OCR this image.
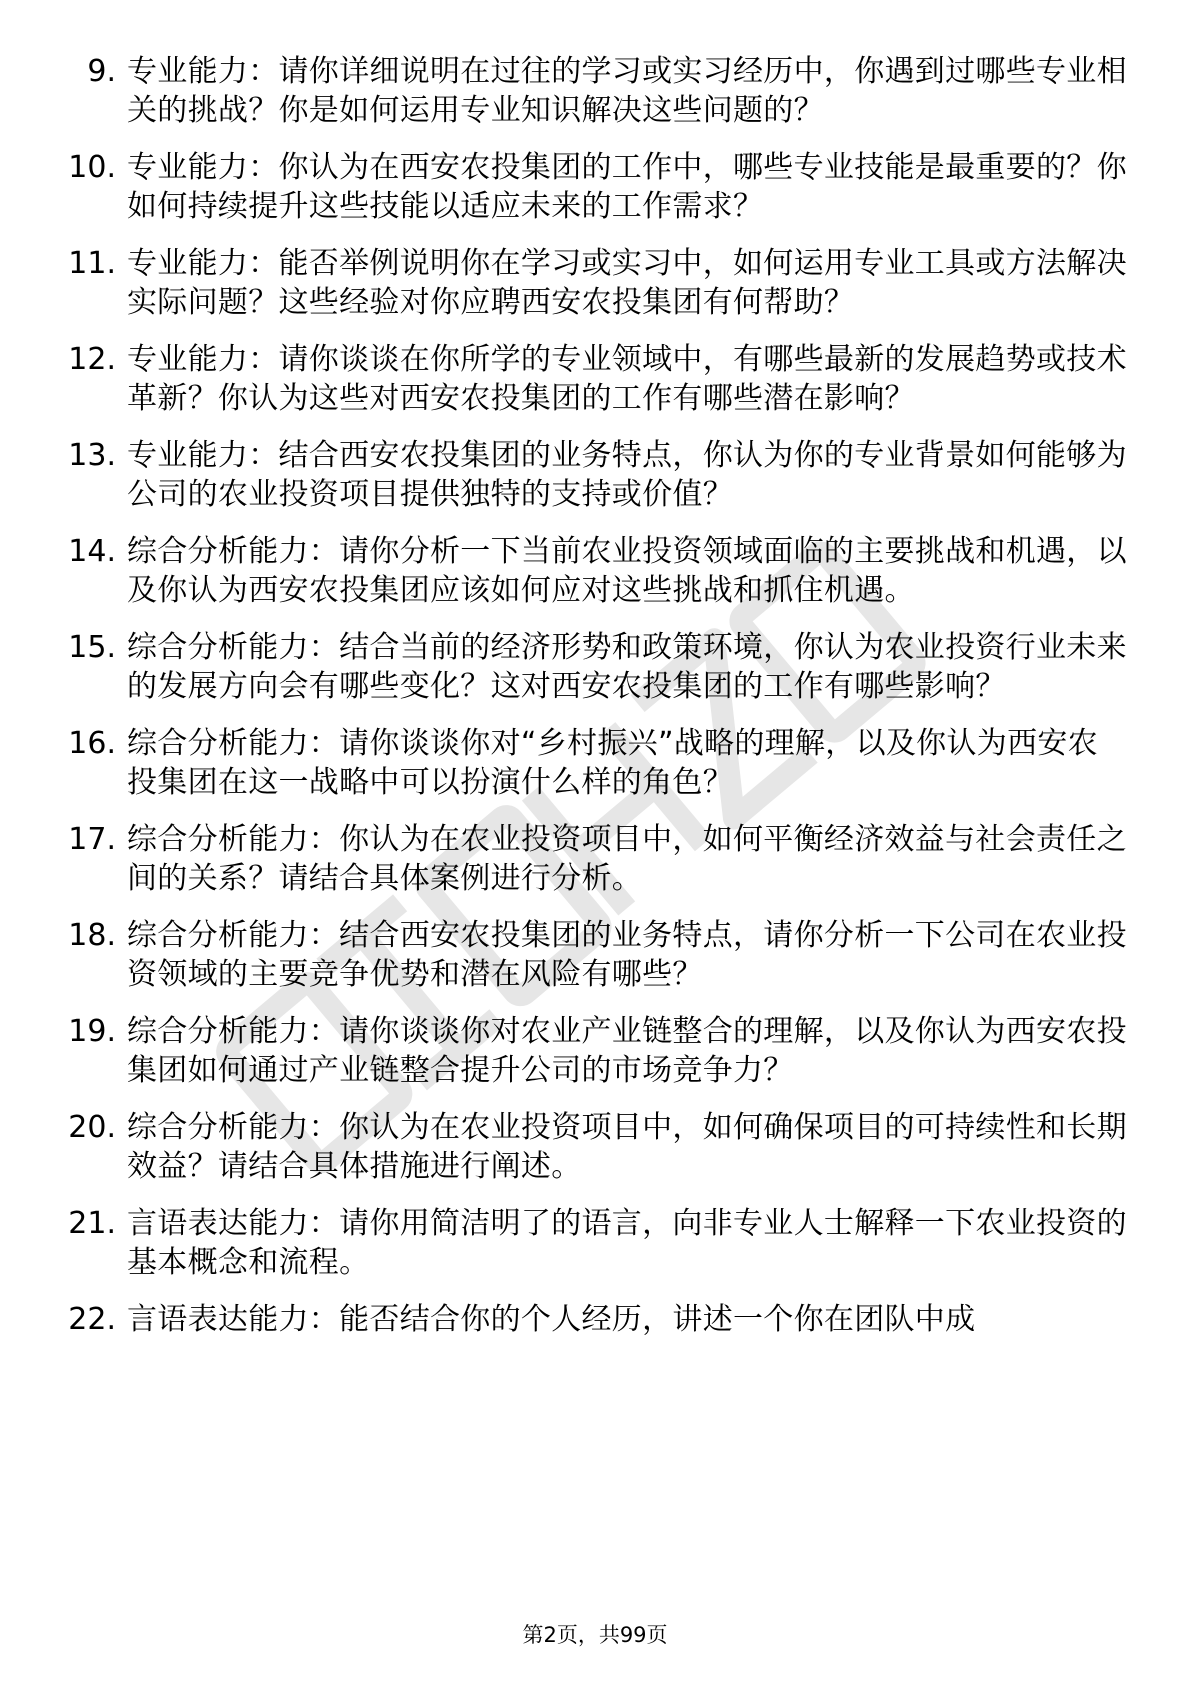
9. 专业能力：请你详细说明在过往的学习或实习经历中，你遇到过哪些专业相关的挑战？你是如何运用专业知识解决这些问题的？
10. 专业能力：你认为在西安农投集团的工作中，哪些专业技能是最重要的？你如何持续提升这些技能以适应未来的工作需求？
11. 专业能力：能否举例说明你在学习或实习中，如何运用专业工具或方法解决实际问题？这些经验对你应聘西安农投集团有何帮助？
12. 专业能力：请你谈谈在你所学的专业领域中，有哪些最新的发展趋势或技术革新？你认为这些对西安农投集团的工作有哪些潜在影响？
13. 专业能力：结合西安农投集团的业务特点，你认为你的专业背景如何能够为公司的农业投资项目提供独特的支持或价值？
14. 综合分析能力：请你分析一下当前农业投资领域面临的主要挑战和机遇，以及你认为西安农投集团应该如何应对这些挑战和抓住机遇。
15. 综合分析能力：结合当前的经济形势和政策环境，你认为农业投资行业未来的发展方向会有哪些变化？这对西安农投集团的工作有哪些影响？
16. 综合分析能力：请你谈谈你对“乡村振兴”战略的理解，以及你认为西安农投集团在这一战略中可以扮演什么样的角色？
17. 综合分析能力：你认为在农业投资项目中，如何平衡经济效益与社会责任之间的关系？请结合具体案例进行分析。
18. 综合分析能力：结合西安农投集团的业务特点，请你分析一下公司在农业投资领域的主要竞争优势和潜在风险有哪些？
19. 综合分析能力：请你谈谈你对农业产业链整合的理解，以及你认为西安农投集团如何通过产业链整合提升公司的市场竞争力？
20. 综合分析能力：你认为在农业投资项目中，如何确保项目的可持续性和长期效益？请结合具体措施进行阐述。
21. 言语表达能力：请你用简洁明了的语言，向非专业人士解释一下农业投资的基本概念和流程。
22. 言语表达能力：能否结合你的个人经历，讲述一个你在团队中成
第2页，共99页
